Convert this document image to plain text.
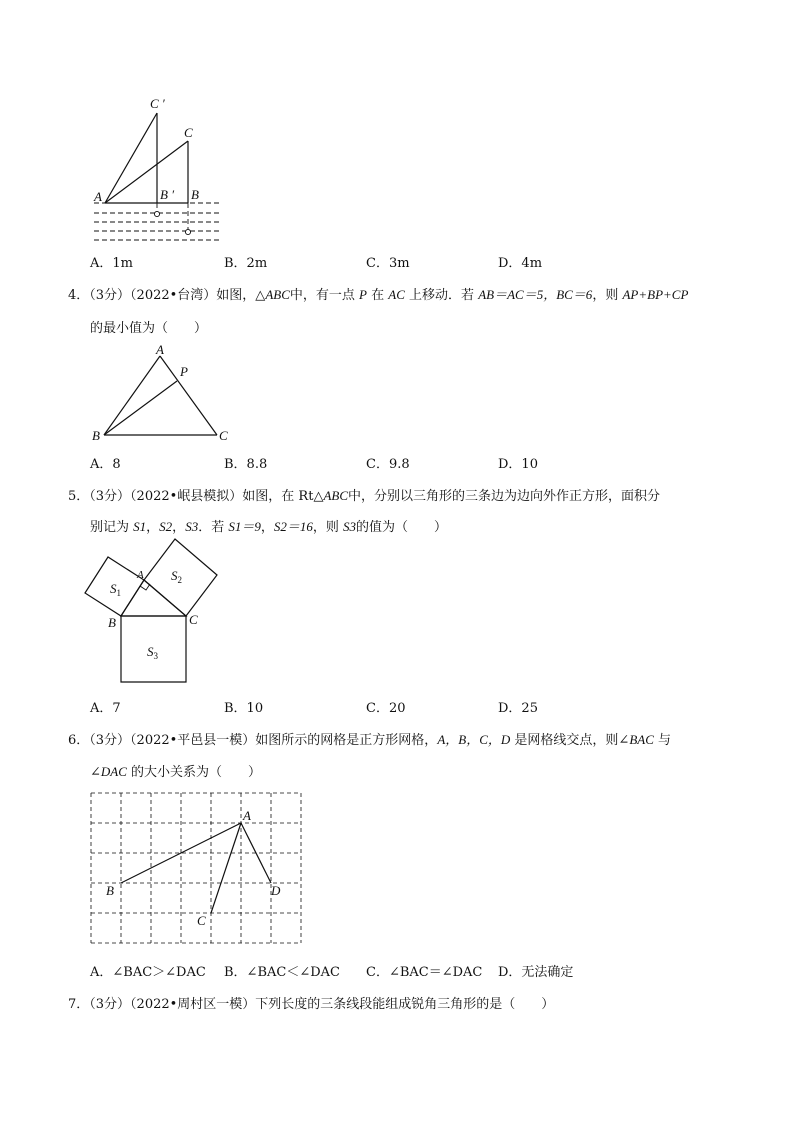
C ′
C
A	B ′ B
A．1m	B．2m	C．3m	D．4m
4．（3分）（2022•台湾）如图，△ABC中，有一点 P 在 AC 上移动．若 AB＝AC＝5，BC＝6，则 AP+BP+CP
的最小值为（　　）
A
P
B	C
A．8	B．8.8	C．9.8	D．10
5．（3分）（2022•岷县模拟）如图，在 Rt△ABC中，分别以三角形的三条边为边向外作正方形，面积分
别记为 S1，S2，S3．若 S1＝9，S2＝16，则 S3的值为（　　）
A
$S_1$
$S_2$
$S_3$
B	C
A．7	B．10	C．20	D．25
6．（3分）（2022•平邑县一模）如图所示的网格是正方形网格，A，B，C，D 是网格线交点，则∠BAC 与
∠DAC 的大小关系为（　　）
A
B
C
D
A．∠BAC＞∠DAC B．∠BAC＜∠DAC C．∠BAC＝∠DAC D．无法确定
7．（3分）（2022•周村区一模）下列长度的三条线段能组成锐角三角形的是（　　）
